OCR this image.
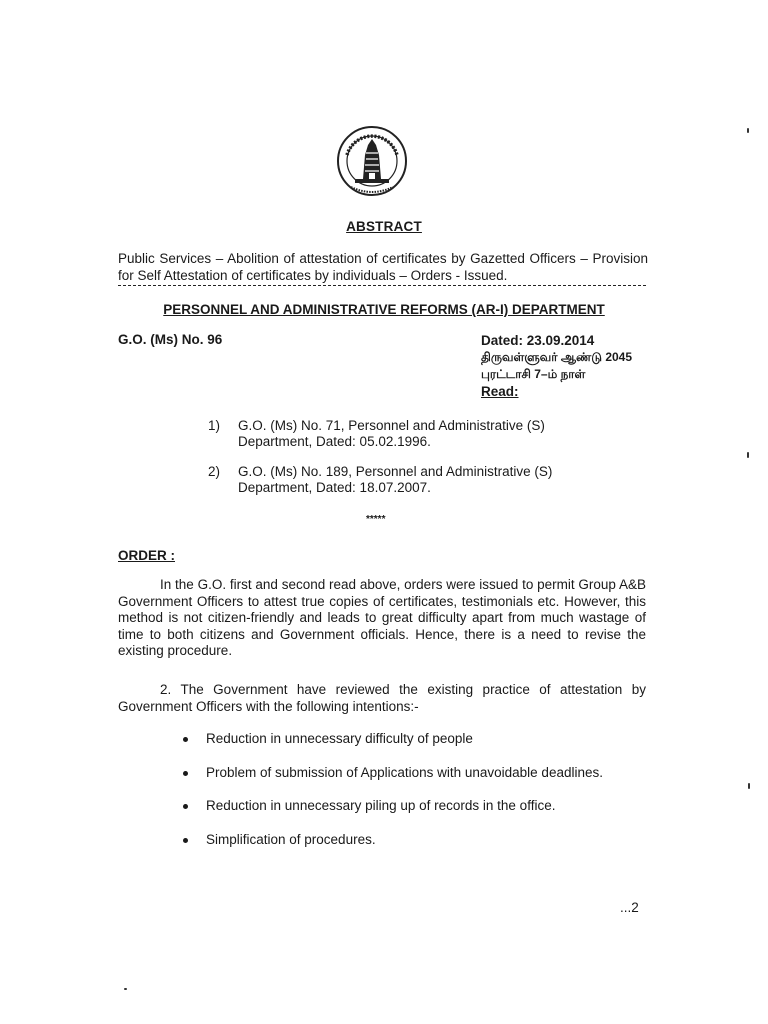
ABSTRACT
Public Services – Abolition of attestation of certificates by Gazetted Officers – Provision for Self Attestation of certificates by individuals – Orders - Issued.
PERSONNEL AND ADMINISTRATIVE REFORMS (AR-I) DEPARTMENT
G.O. (Ms) No. 96	Dated: 23.09.2014
திருவள்ளுவர் ஆண்டு 2045
புரட்டாசி 7–ம் நாள்
Read:
1)	G.O. (Ms) No. 71, Personnel and Administrative (S) Department, Dated: 05.02.1996.
2)	G.O. (Ms) No. 189, Personnel and Administrative (S) Department, Dated: 18.07.2007.
*****
ORDER :
In the G.O. first and second read above, orders were issued to permit Group A&B Government Officers to attest true copies of certificates, testimonials etc. However, this method is not citizen-friendly and leads to great difficulty apart from much wastage of time to both citizens and Government officials. Hence, there is a need to revise the existing procedure.
2. The Government have reviewed the existing practice of attestation by Government Officers with the following intentions:-
Reduction in unnecessary difficulty of people
Problem of submission of Applications with unavoidable deadlines.
Reduction in unnecessary piling up of records in the office.
Simplification of procedures.
...2
